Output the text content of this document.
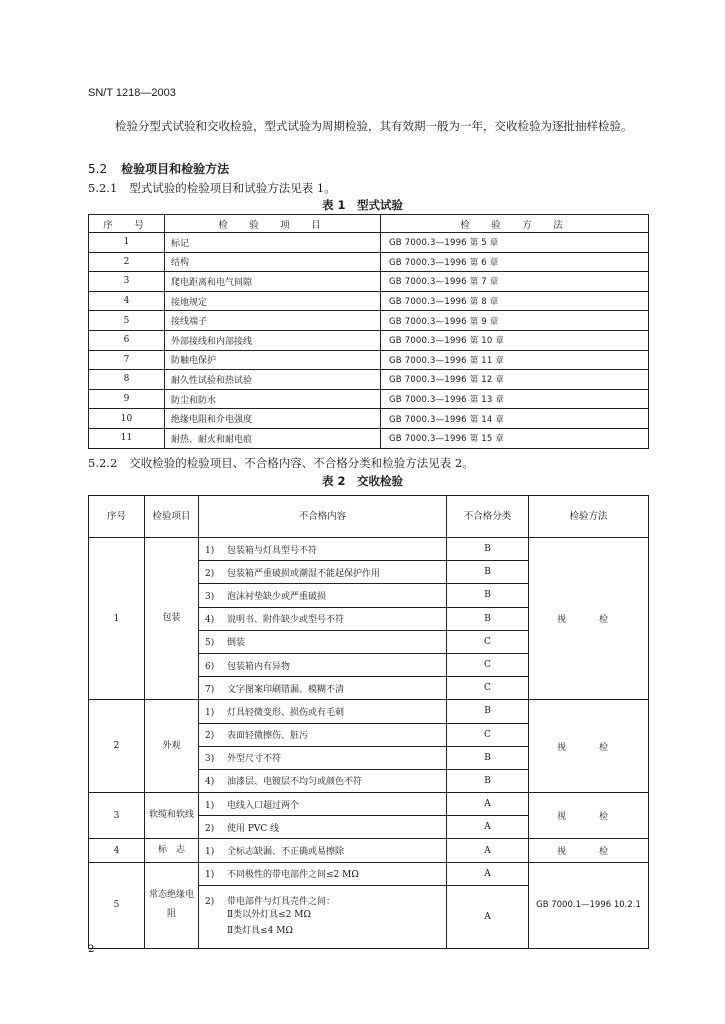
SN/T 1218—2003
检验分型式试验和交收检验，型式试验为周期检验，其有效期一般为一年，交收检验为逐批抽样检验。
5.2 检验项目和检验方法
5.2.1 型式试验的检验项目和试验方法见表 1。
表 1　型式试验
序　号	检　验　项　目	检　验　方　法
1	标记	GB 7000.3—1996 第 5 章
2	结构	GB 7000.3—1996 第 6 章
3	爬电距离和电气间隙	GB 7000.3—1996 第 7 章
4	接地规定	GB 7000.3—1996 第 8 章
5	接线端子	GB 7000.3—1996 第 9 章
6	外部接线和内部接线	GB 7000.3—1996 第 10 章
7	防触电保护	GB 7000.3—1996 第 11 章
8	耐久性试验和热试验	GB 7000.3—1996 第 12 章
9	防尘和防水	GB 7000.3—1996 第 13 章
10	绝缘电阻和介电强度	GB 7000.3—1996 第 14 章
11	耐热、耐火和耐电痕	GB 7000.3—1996 第 15 章
5.2.2 交收检验的检验项目、不合格内容、不合格分类和检验方法见表 2。
表 2　交收检验
序号	检验项目	不合格内容	不合格分类	检验方法
1	包装	1) 包装箱与灯具型号不符	B	视　检
		2) 包装箱严重破损或潮湿不能起保护作用	B	
		3) 泡沫衬垫缺少或严重破损	B	
		4) 说明书、附件缺少或型号不符	B	
		5) 倒装	C	
		6) 包装箱内有异物	C	
		7) 文字图案印刷错漏、模糊不清	C	
2	外观	1) 灯具轻微变形、损伤或有毛刺	B	视　检
		2) 表面轻微擦伤、脏污	C	
		3) 外型尺寸不符	B	
		4) 油漆层、电镀层不均匀或颜色不符	B	
3	软缆和软线	1) 电线入口超过两个	A	视　检
		2) 使用 PVC 线	A	
4	标　志	1) 全标志缺漏、不正确或易擦除	A	视　检
5	常态绝缘电阻	1) 不同极性的带电部件之间≤2 MΩ	A	GB 7000.1—1996 10.2.1
		2) 带电部件与灯具壳件之间：
Ⅱ类以外灯具≤2 MΩ
Ⅱ类灯具≤4 MΩ	A	
2
